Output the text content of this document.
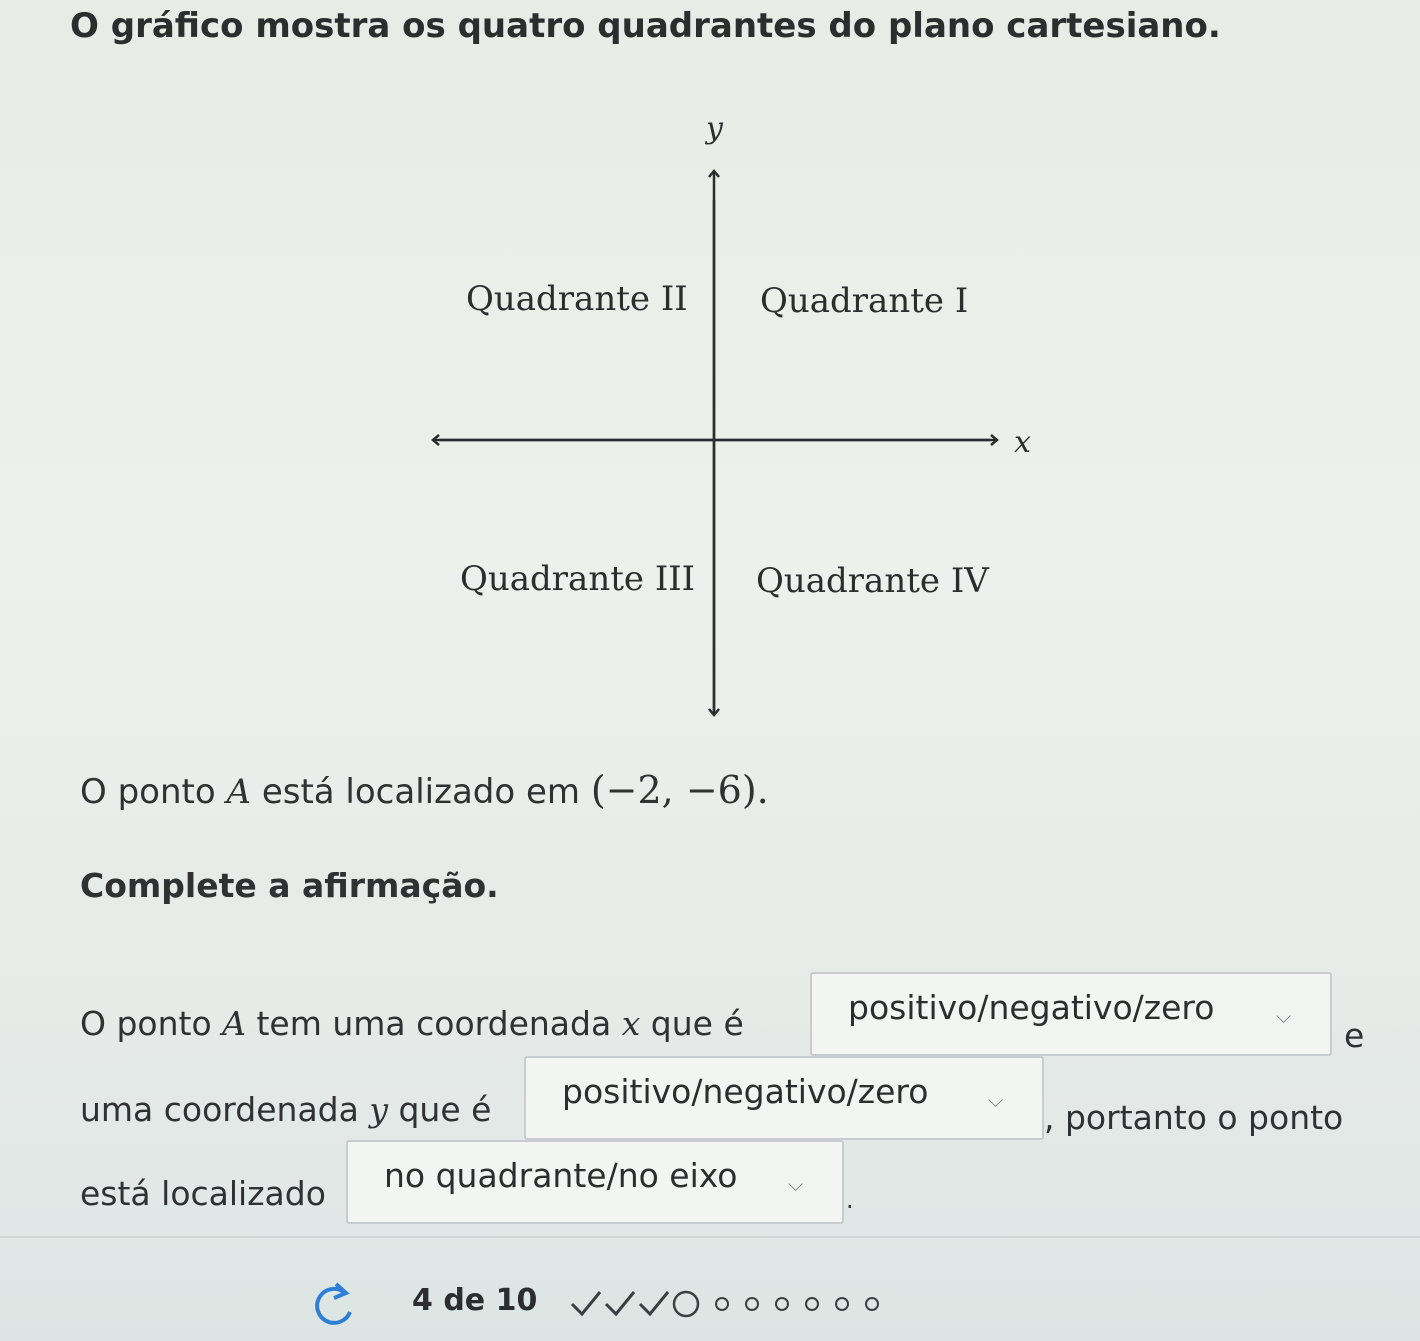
O gráfico mostra os quatro quadrantes do plano cartesiano.
y
x
Quadrante I
Quadrante II
Quadrante III Quadrante IV
O ponto A está localizado em (−2, −6).
Complete a afirmação.
O ponto A tem uma coordenada x que é	positivo/negativo/zero	⌵ e
uma coordenada y que é	positivo/negativo/zero	⌵ , portanto o ponto
está localizado	no quadrante/no eixo	⌵
.
4 de 10
